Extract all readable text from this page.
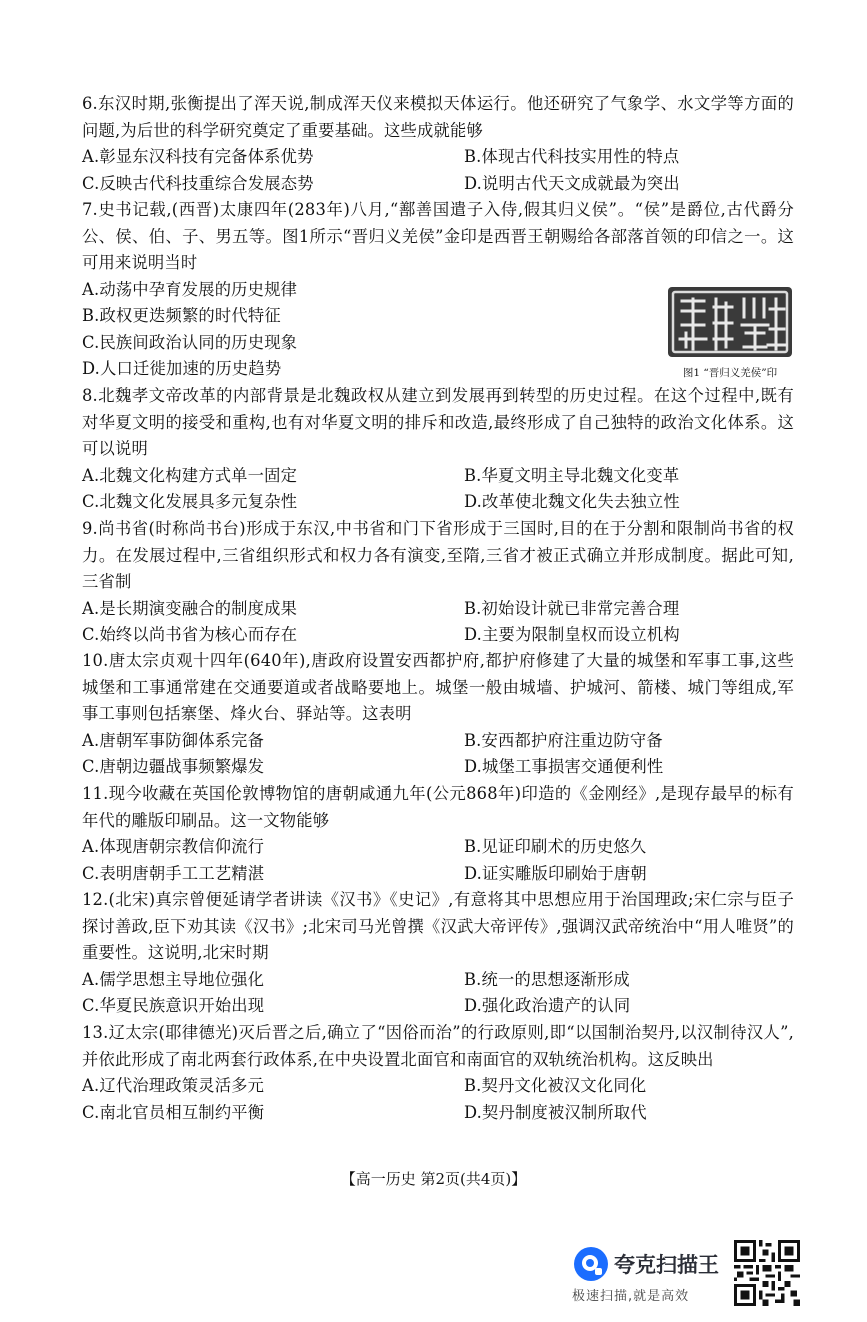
6.东汉时期,张衡提出了浑天说,制成浑天仪来模拟天体运行。他还研究了气象学、水文学等方面的问题,为后世的科学研究奠定了重要基础。这些成就能够

A.彰显东汉科技有完备体系优势	B.体现古代科技实用性的特点
C.反映古代科技重综合发展态势	D.说明古代天文成就最为突出

7.史书记载,(西晋)太康四年(283年)八月,“鄯善国遣子入侍,假其归义侯”。“侯”是爵位,古代爵分公、侯、伯、子、男五等。图1所示“晋归义羌侯”金印是西晋王朝赐给各部落首领的印信之一。这可用来说明当时

A.动荡中孕育发展的历史规律
B.政权更迭频繁的时代特征
C.民族间政治认同的历史现象
D.人口迁徙加速的历史趋势	图1 “晋归义羌侯”印

8.北魏孝文帝改革的内部背景是北魏政权从建立到发展再到转型的历史过程。在这个过程中,既有对华夏文明的接受和重构,也有对华夏文明的排斥和改造,最终形成了自己独特的政治文化体系。这可以说明

A.北魏文化构建方式单一固定	B.华夏文明主导北魏文化变革
C.北魏文化发展具多元复杂性	D.改革使北魏文化失去独立性

9.尚书省(时称尚书台)形成于东汉,中书省和门下省形成于三国时,目的在于分割和限制尚书省的权力。在发展过程中,三省组织形式和权力各有演变,至隋,三省才被正式确立并形成制度。据此可知,三省制

A.是长期演变融合的制度成果	B.初始设计就已非常完善合理
C.始终以尚书省为核心而存在	D.主要为限制皇权而设立机构

10.唐太宗贞观十四年(640年),唐政府设置安西都护府,都护府修建了大量的城堡和军事工事,这些城堡和工事通常建在交通要道或者战略要地上。城堡一般由城墙、护城河、箭楼、城门等组成,军事工事则包括寨堡、烽火台、驿站等。这表明

A.唐朝军事防御体系完备	B.安西都护府注重边防守备
C.唐朝边疆战事频繁爆发	D.城堡工事损害交通便利性

11.现今收藏在英国伦敦博物馆的唐朝咸通九年(公元868年)印造的《金刚经》,是现存最早的标有年代的雕版印刷品。这一文物能够

A.体现唐朝宗教信仰流行	B.见证印刷术的历史悠久
C.表明唐朝手工工艺精湛	D.证实雕版印刷始于唐朝

12.(北宋)真宗曾便延请学者讲读《汉书》《史记》,有意将其中思想应用于治国理政;宋仁宗与臣子探讨善政,臣下劝其读《汉书》;北宋司马光曾撰《汉武大帝评传》,强调汉武帝统治中“用人唯贤”的重要性。这说明,北宋时期

A.儒学思想主导地位强化	B.统一的思想逐渐形成
C.华夏民族意识开始出现	D.强化政治遗产的认同

13.辽太宗(耶律德光)灭后晋之后,确立了“因俗而治”的行政原则,即“以国制治契丹,以汉制待汉人”,并依此形成了南北两套行政体系,在中央设置北面官和南面官的双轨统治机构。这反映出

A.辽代治理政策灵活多元	B.契丹文化被汉文化同化
C.南北官员相互制约平衡	D.契丹制度被汉制所取代
【高一历史 第2页(共4页)】
夸克扫描王
极速扫描,就是高效
